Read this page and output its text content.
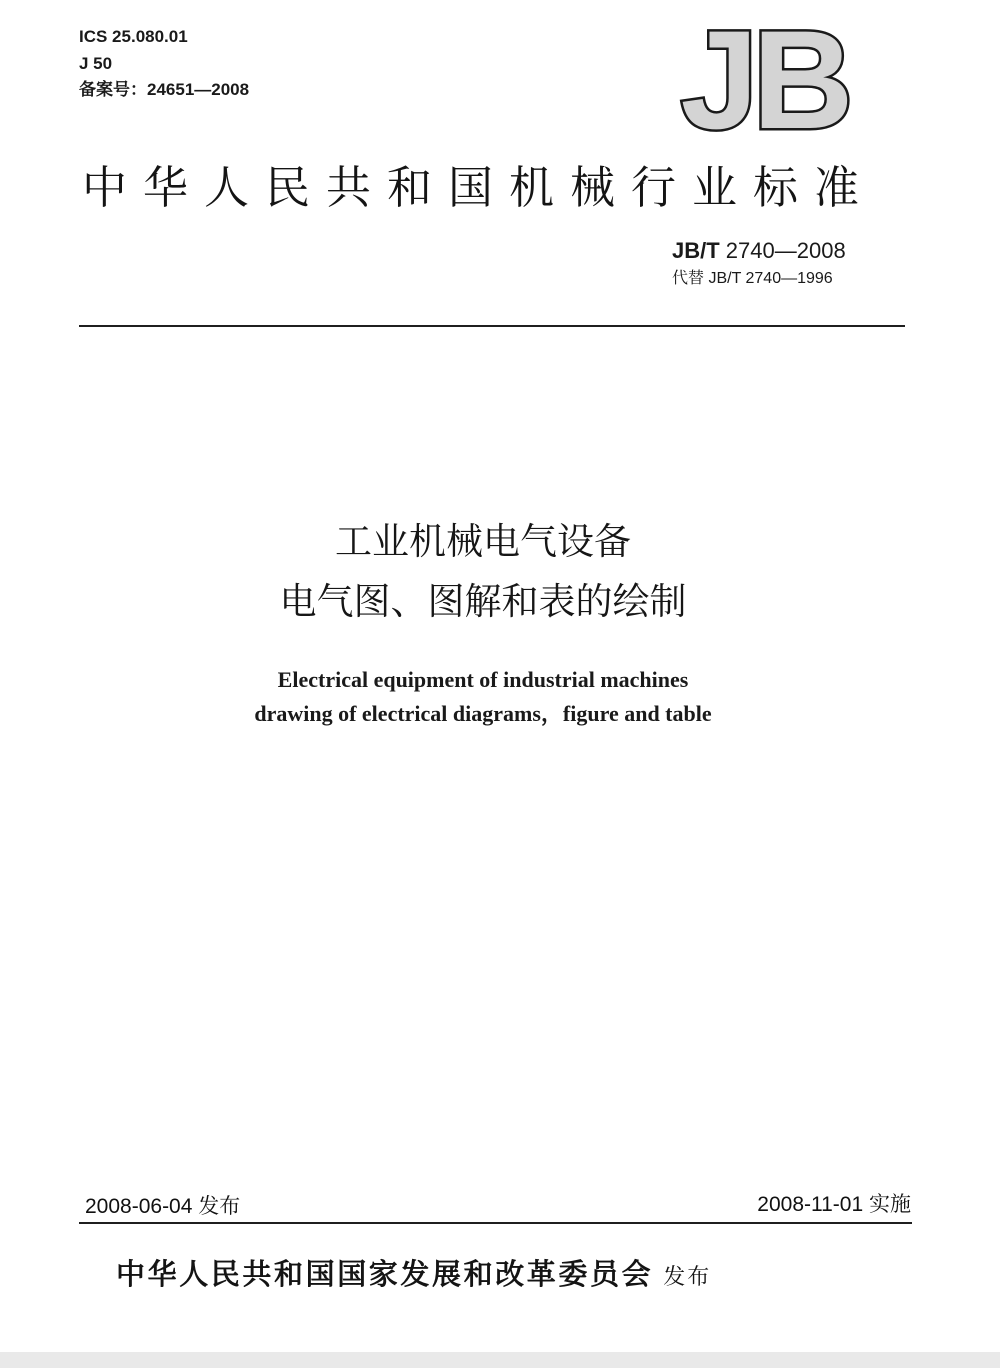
ICS 25.080.01
J 50
备案号：24651—2008	JB
中华人民共和国机械行业标准
JB/T 2740—2008
代替 JB/T 2740—1996
工业机械电气设备
电气图、图解和表的绘制
Electrical equipment of industrial machines
drawing of electrical diagrams，figure and table
2008-06-04 发布	2008-11-01 实施
中华人民共和国国家发展和改革委员会 发布
